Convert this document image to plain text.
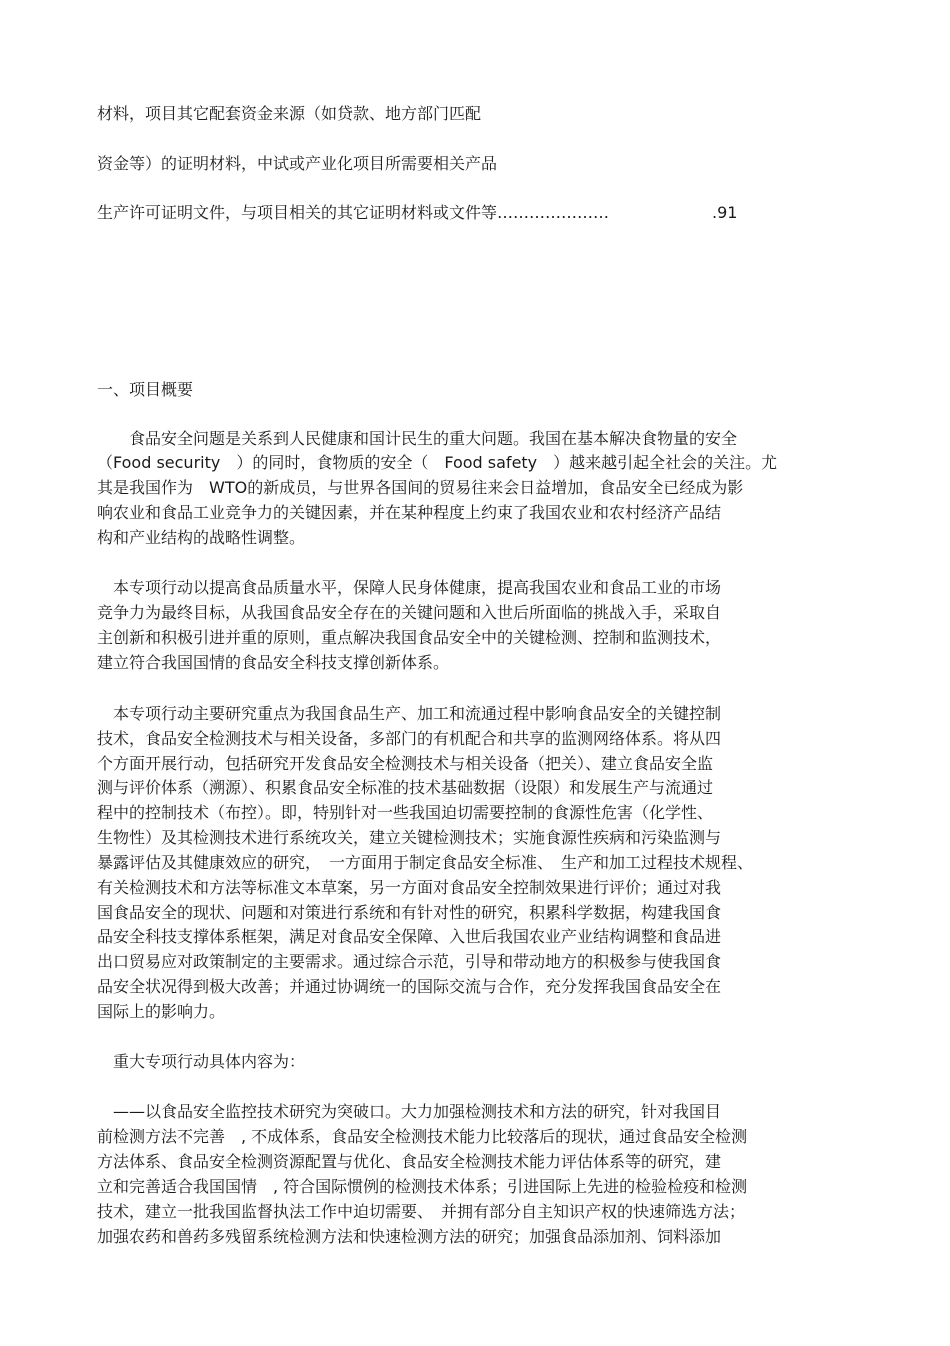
材料，项目其它配套资金来源（如贷款、地方部门匹配
资金等）的证明材料，中试或产业化项目所需要相关产品
生产许可证明文件，与项目相关的其它证明材料或文件等…………………	.91
一、项目概要
　　食品安全问题是关系到人民健康和国计民生的重大问题。我国在基本解决食物量的安全
（Food security　）的同时，食物质的安全（　Food safety　）越来越引起全社会的关注。尤
其是我国作为　WTO的新成员，与世界各国间的贸易往来会日益增加，食品安全已经成为影
响农业和食品工业竞争力的关键因素，并在某种程度上约束了我国农业和农村经济产品结
构和产业结构的战略性调整。
　本专项行动以提高食品质量水平，保障人民身体健康，提高我国农业和食品工业的市场
竞争力为最终目标，从我国食品安全存在的关键问题和入世后所面临的挑战入手，采取自
主创新和积极引进并重的原则，重点解决我国食品安全中的关键检测、控制和监测技术，
建立符合我国国情的食品安全科技支撑创新体系。
　本专项行动主要研究重点为我国食品生产、加工和流通过程中影响食品安全的关键控制
技术，食品安全检测技术与相关设备，多部门的有机配合和共享的监测网络体系。将从四
个方面开展行动，包括研究开发食品安全检测技术与相关设备（把关）、建立食品安全监
测与评价体系（溯源）、积累食品安全标准的技术基础数据（设限）和发展生产与流通过
程中的控制技术（布控）。即，特别针对一些我国迫切需要控制的食源性危害（化学性、
生物性）及其检测技术进行系统攻关，建立关键检测技术；实施食源性疾病和污染监测与
暴露评估及其健康效应的研究，　一方面用于制定食品安全标准、　生产和加工过程技术规程、
有关检测技术和方法等标准文本草案，另一方面对食品安全控制效果进行评价；通过对我
国食品安全的现状、问题和对策进行系统和有针对性的研究，积累科学数据，构建我国食
品安全科技支撑体系框架，满足对食品安全保障、入世后我国农业产业结构调整和食品进
出口贸易应对政策制定的主要需求。通过综合示范，引导和带动地方的积极参与使我国食
品安全状况得到极大改善；并通过协调统一的国际交流与合作，充分发挥我国食品安全在
国际上的影响力。
　重大专项行动具体内容为：
　——以食品安全监控技术研究为突破口。大力加强检测技术和方法的研究，针对我国目
前检测方法不完善　, 不成体系，食品安全检测技术能力比较落后的现状，通过食品安全检测
方法体系、食品安全检测资源配置与优化、食品安全检测技术能力评估体系等的研究，建
立和完善适合我国国情　, 符合国际惯例的检测技术体系；引进国际上先进的检验检疫和检测
技术，建立一批我国监督执法工作中迫切需要、　并拥有部分自主知识产权的快速筛选方法；
加强农药和兽药多残留系统检测方法和快速检测方法的研究；加强食品添加剂、饲料添加
